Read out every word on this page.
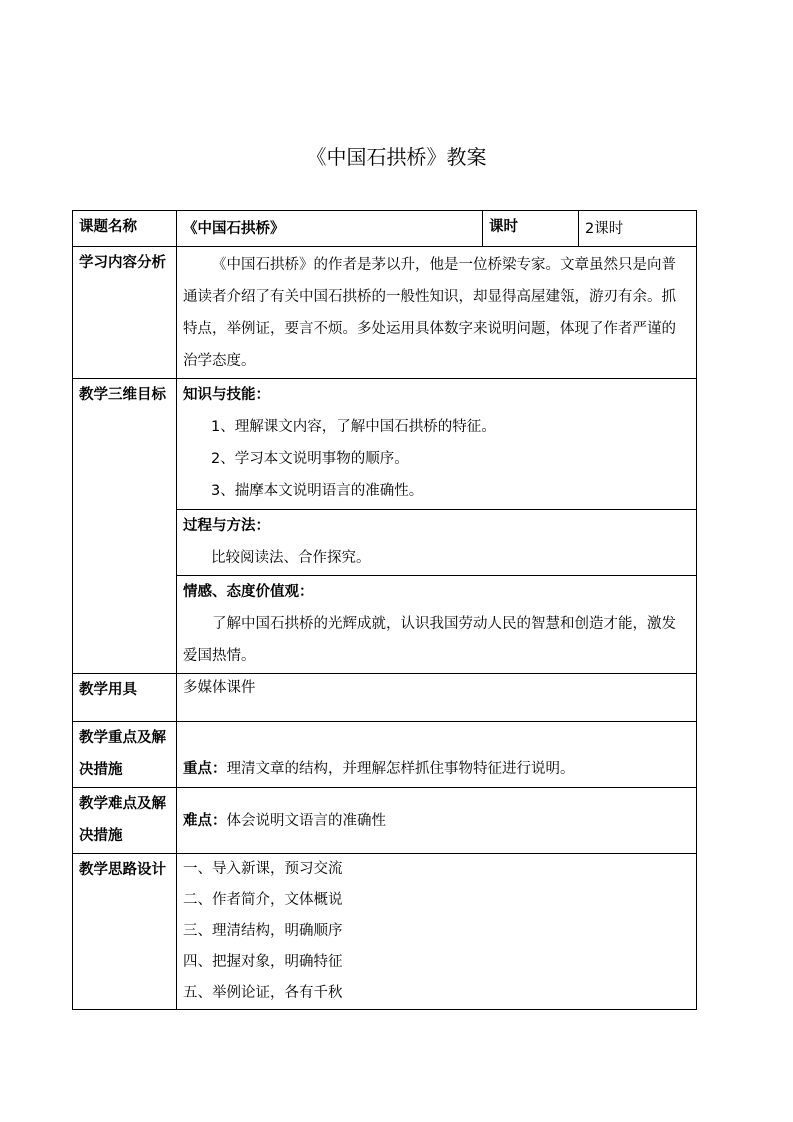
《中国石拱桥》教案
课题名称	《中国石拱桥》	课时	2课时
学习内容分析	《中国石拱桥》的作者是茅以升，他是一位桥梁专家。文章虽然只是向普通读者介绍了有关中国石拱桥的一般性知识，却显得高屋建瓴，游刃有余。抓特点，举例证，要言不烦。多处运用具体数字来说明问题，体现了作者严谨的治学态度。		
教学三维目标	知识与技能：
1、理解课文内容，了解中国石拱桥的特征。
2、学习本文说明事物的顺序。
3、揣摩本文说明语言的准确性。		

	过程与方法：
比较阅读法、合作探究。		

	情感、态度价值观：
了解中国石拱桥的光辉成就，认识我国劳动人民的智慧和创造才能，激发爱国热情。		

教学用具	多媒体课件		
教学重点及解决措施	重点：理清文章的结构，并理解怎样抓住事物特征进行说明。		
教学难点及解决措施	难点：体会说明文语言的准确性		
教学思路设计	一、导入新课，预习交流
二、作者简介，文体概说
三、理清结构，明确顺序
四、把握对象，明确特征
五、举例论证，各有千秋		
